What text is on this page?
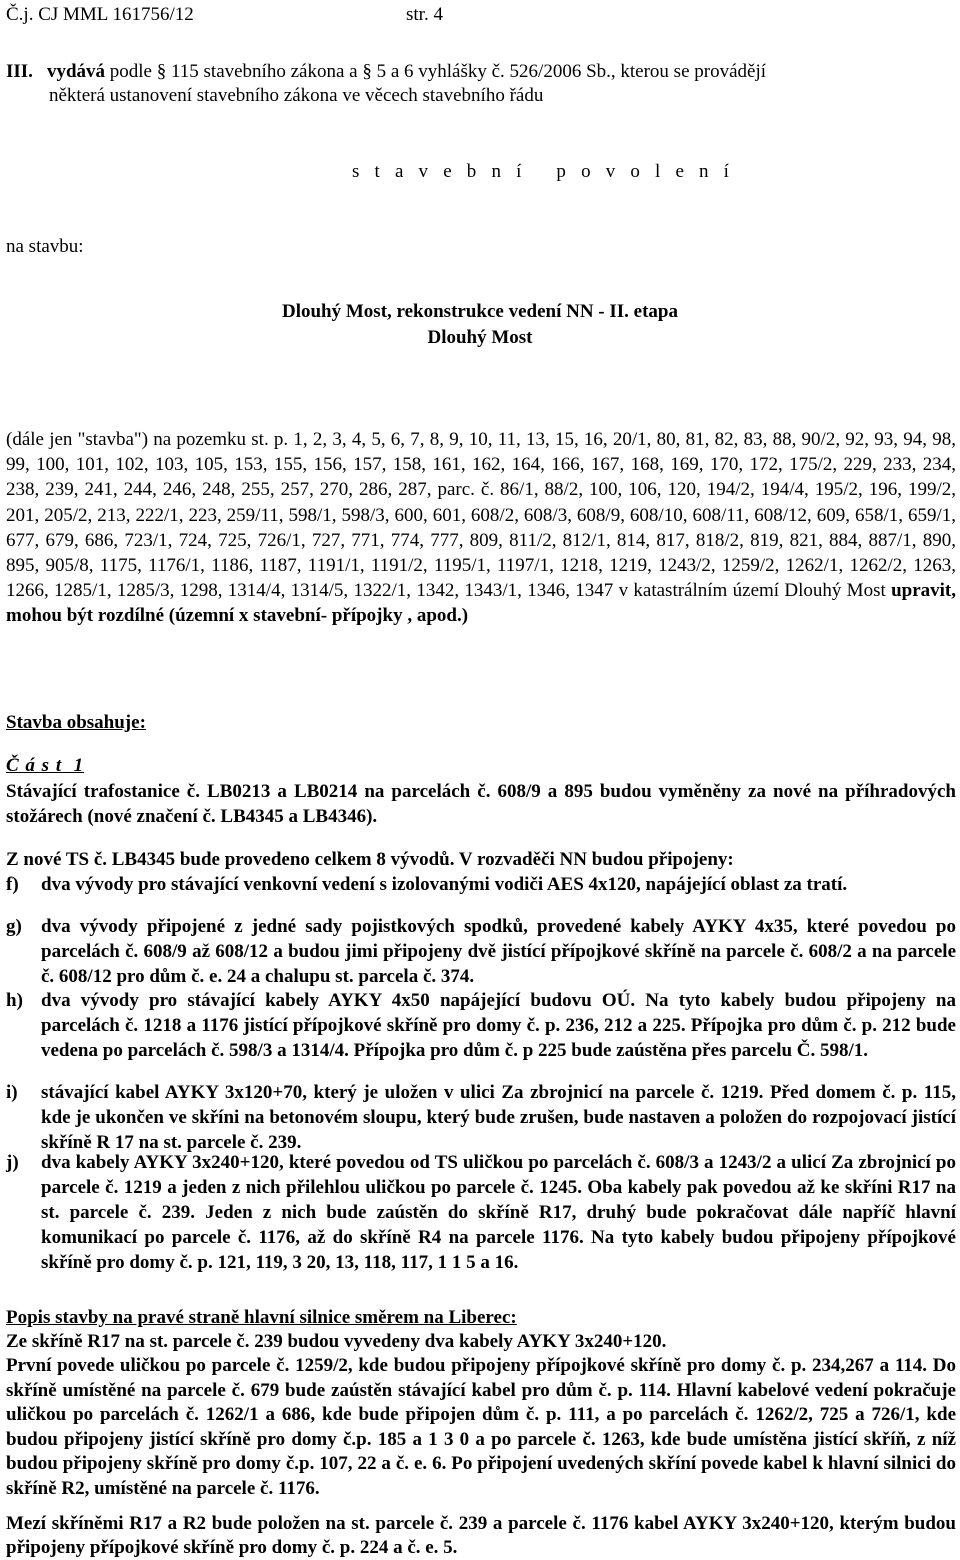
Č.j. CJ MML 161756/12	str. 4
III. vydává podle § 115 stavebního zákona a § 5 a 6 vyhlášky č. 526/2006 Sb., kterou se provádějí
některá ustanovení stavebního zákona ve věcech stavebního řádu
s t a v e b n í   p o v o l e n í
na stavbu:
Dlouhý Most, rekonstrukce vedení NN - II. etapa
Dlouhý Most
(dále jen "stavba") na pozemku st. p. 1, 2, 3, 4, 5, 6, 7, 8, 9, 10, 11, 13, 15, 16, 20/1, 80, 81, 82, 83, 88, 90/2, 92, 93, 94, 98, 99, 100, 101, 102, 103, 105, 153, 155, 156, 157, 158, 161, 162, 164, 166, 167, 168, 169, 170, 172, 175/2, 229, 233, 234, 238, 239, 241, 244, 246, 248, 255, 257, 270, 286, 287, parc. č. 86/1, 88/2, 100, 106, 120, 194/2, 194/4, 195/2, 196, 199/2, 201, 205/2, 213, 222/1, 223, 259/11, 598/1, 598/3, 600, 601, 608/2, 608/3, 608/9, 608/10, 608/11, 608/12, 609, 658/1, 659/1, 677, 679, 686, 723/1, 724, 725, 726/1, 727, 771, 774, 777, 809, 811/2, 812/1, 814, 817, 818/2, 819, 821, 884, 887/1, 890, 895, 905/8, 1175, 1176/1, 1186, 1187, 1191/1, 1191/2, 1195/1, 1197/1, 1218, 1219, 1243/2, 1259/2, 1262/1, 1262/2, 1263, 1266, 1285/1, 1285/3, 1298, 1314/4, 1314/5, 1322/1, 1342, 1343/1, 1346, 1347 v katastrálním území Dlouhý Most upravit, mohou být rozdílné (územní x stavební- přípojky , apod.)
Stavba obsahuje:
Č á s t  1
Stávající trafostanice č. LB0213 a LB0214 na parcelách č. 608/9 a 895 budou vyměněny za nové na příhradových stožárech (nové značení č. LB4345 a LB4346).
Z nové TS č. LB4345 bude provedeno celkem 8 vývodů. V rozvaděči NN budou připojeny:
f) dva vývody pro stávající venkovní vedení s izolovanými vodiči AES 4x120, napájející oblast za tratí.
g) dva vývody připojené z jedné sady pojistkových spodků, provedené kabely AYKY 4x35, které povedou po parcelách č. 608/9 až 608/12 a budou jimi připojeny dvě jistící přípojkové skříně na parcele č. 608/2 a na parcele č. 608/12 pro dům č. e. 24 a chalupu st. parcela č. 374.
h) dva vývody pro stávající kabely AYKY 4x50 napájející budovu OÚ. Na tyto kabely budou připojeny na parcelách č. 1218 a 1176 jistící přípojkové skříně pro domy č. p. 236, 212 a 225. Přípojka pro dům č. p. 212 bude vedena po parcelách č. 598/3 a 1314/4. Přípojka pro dům č. p 225 bude zaústěna přes parcelu Č. 598/1.
i) stávající kabel AYKY 3x120+70, který je uložen v ulici Za zbrojnicí na parcele č. 1219. Před domem č. p. 115, kde je ukončen ve skříni na betonovém sloupu, který bude zrušen, bude nastaven a položen do rozpojovací jistící skříně R 17 na st. parcele č. 239.
j) dva kabely AYKY 3x240+120, které povedou od TS uličkou po parcelách č. 608/3 a 1243/2 a ulicí Za zbrojnicí po parcele č. 1219 a jeden z nich přilehlou uličkou po parcele č. 1245. Oba kabely pak povedou až ke skříni R17 na st. parcele č. 239. Jeden z nich bude zaústěn do skříně R17, druhý bude pokračovat dále napříč hlavní komunikací po parcele č. 1176, až do skříně R4 na parcele 1176. Na tyto kabely budou připojeny přípojkové skříně pro domy č. p. 121, 119, 3 20, 13, 118, 117, 1 1 5 a 16.
Popis stavby na pravé straně hlavní silnice směrem na Liberec:
Ze skříně R17 na st. parcele č. 239 budou vyvedeny dva kabely AYKY 3x240+120.
První povede uličkou po parcele č. 1259/2, kde budou připojeny přípojkové skříně pro domy č. p. 234,267 a 114. Do skříně umístěné na parcele č. 679 bude zaústěn stávající kabel pro dům č. p. 114. Hlavní kabelové vedení pokračuje uličkou po parcelách č. 1262/1 a 686, kde bude připojen dům č. p. 111, a po parcelách č. 1262/2, 725 a 726/1, kde budou připojeny jistící skříně pro domy č.p. 185 a 1 3 0 a po parcele č. 1263, kde bude umístěna jistící skříň, z níž budou připojeny skříně pro domy č.p. 107, 22 a č. e. 6. Po připojení uvedených skříní povede kabel k hlavní silnici do skříně R2, umístěné na parcele č. 1176.
Mezí skříněmi R17 a R2 bude položen na st. parcele č. 239 a parcele č. 1176 kabel AYKY 3x240+120, kterým budou připojeny přípojkové skříně pro domy č. p. 224 a č. e. 5.
